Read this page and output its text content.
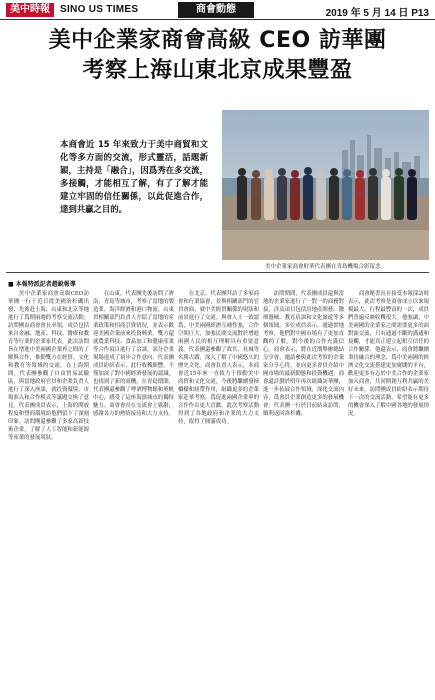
美中時報	SINO US TIMES	商會動態	2019 年 5 月 14 日 P13
美中企業家商會高級 CEO 訪華團
考察上海山東北京成果豐盈
本商會近 15 年來致力于美中商貿和文化等多方面的交流，形式靈活，話題新穎，主持是「融合」，因爲秀在多交流，多接觸，才能相互了解，有了了解才能建立牢固的信任關係，以此促進合作，達到共贏之目的。
美中企業家商會駐華代表團在青島機場合影留念。
■ 本報特派記者趙銳報導

美中企業家商會高級CEO訪華團一行于近日從美國洛杉磯出發，先後赴上海、山東和北京等地進行了爲期兩週的考察交流活動。訪問團由商會會長率領，成員包括來自金融、地產、科技、醫療和教育等行業的企業家代表。此次訪問旨在增進中美兩國企業界之間的了解與合作，推動雙方在經貿、文化和教育等領域的交流。在上海期間，代表團參觀了自由貿易試驗區，與當地政府官員和企業負責人進行了深入座談，就投資環境、市場准入和合作模式等議題交換了意見。代表團成員表示，上海的開放程度和營商環境給他們留下了深刻印象。訪問團還參觀了多家高新技術企業，了解了人工智能和新能源等產業的發展現狀。

在山東，代表團先後訪問了濟南、青島等城市，考察了當地的製造業、海洋經濟和港口物流。山東省相關部門負責人介紹了當地的產業政策和招商引資情況，並表示歡迎美國企業前來投資興業。雙方還就農業科技、食品加工和健康產業等合作項目進行了洽談，部分企業現場達成了初步合作意向。代表團成員紛紛表示，此行收穫頗豐，不僅加深了對中國經濟發展的認識，也找到了新的商機。在青島期間，代表團還參觀了啤酒博物館和奧帆中心，感受了這座海濱城市的獨特魅力。商會會長在交流會上致辭，感謝各方的熱情接待和大力支持。

在北京，代表團拜訪了多家商會和行業協會，並與相關部門的官員會面，就中美經貿關係的現狀和前景進行了交流。與會人士一致認爲，中美兩國經濟互補性強，合作空間巨大，加強民間交流對於增進兩國人民的相互理解具有重要意義。代表團還參觀了故宮、長城等名勝古蹟，深入了解了中國悠久的歷史文化。商會負責人表示，本商會近15年來一直致力于推動美中商貿和文化交流，今後將繼續發揮橋樑和紐帶作用，組織更多的企業家赴華考察，爲促進兩國企業界的合作作出更大貢獻。此次考察活動得到了各地政府和企業的大力支持，取得了圓滿成功。

訪問期間，代表團成員還與當地的企業家進行了一對一的商務對接，涉及項目包括房地產開發、醫療器械、教育培訓和文化旅遊等多個領域。多位成員表示，通過實地考察，他們對中國市場有了更加直觀的了解，對今後的合作充滿信心。商會表示，將在近期舉辦總結分享會，邀請參與此次考察的企業家分享心得，並向更多會員介紹中國市場的最新動態和投資機遇。商會還計劃於明年再次組織訪華團，進一步拓展合作領域，深化交流內容，爲會員企業創造更多的發展機會。代表團一行於日前結束訪問，順利返回洛杉磯。

商會秘書長在接受本報採訪時表示，此次考察是商會成立以來規模最大、行程最豐富的一次，成員們普遍反映收穫很大。他強調，中美兩國的企業家之間需要更多的面對面交流，只有通過不斷的溝通和接觸，才能真正建立起相互信任的合作關係。他還表示，商會將繼續秉持融合的理念，爲中美兩國的經濟文化交流搭建更加廣闊的平台，歡迎更多有志於中美合作的企業家加入商會，共同開創互利共贏的美好未來。訪問團成員紛紛表示期待下一次的交流活動，希望能有更多的機會深入了解中國各地的發展情況。
